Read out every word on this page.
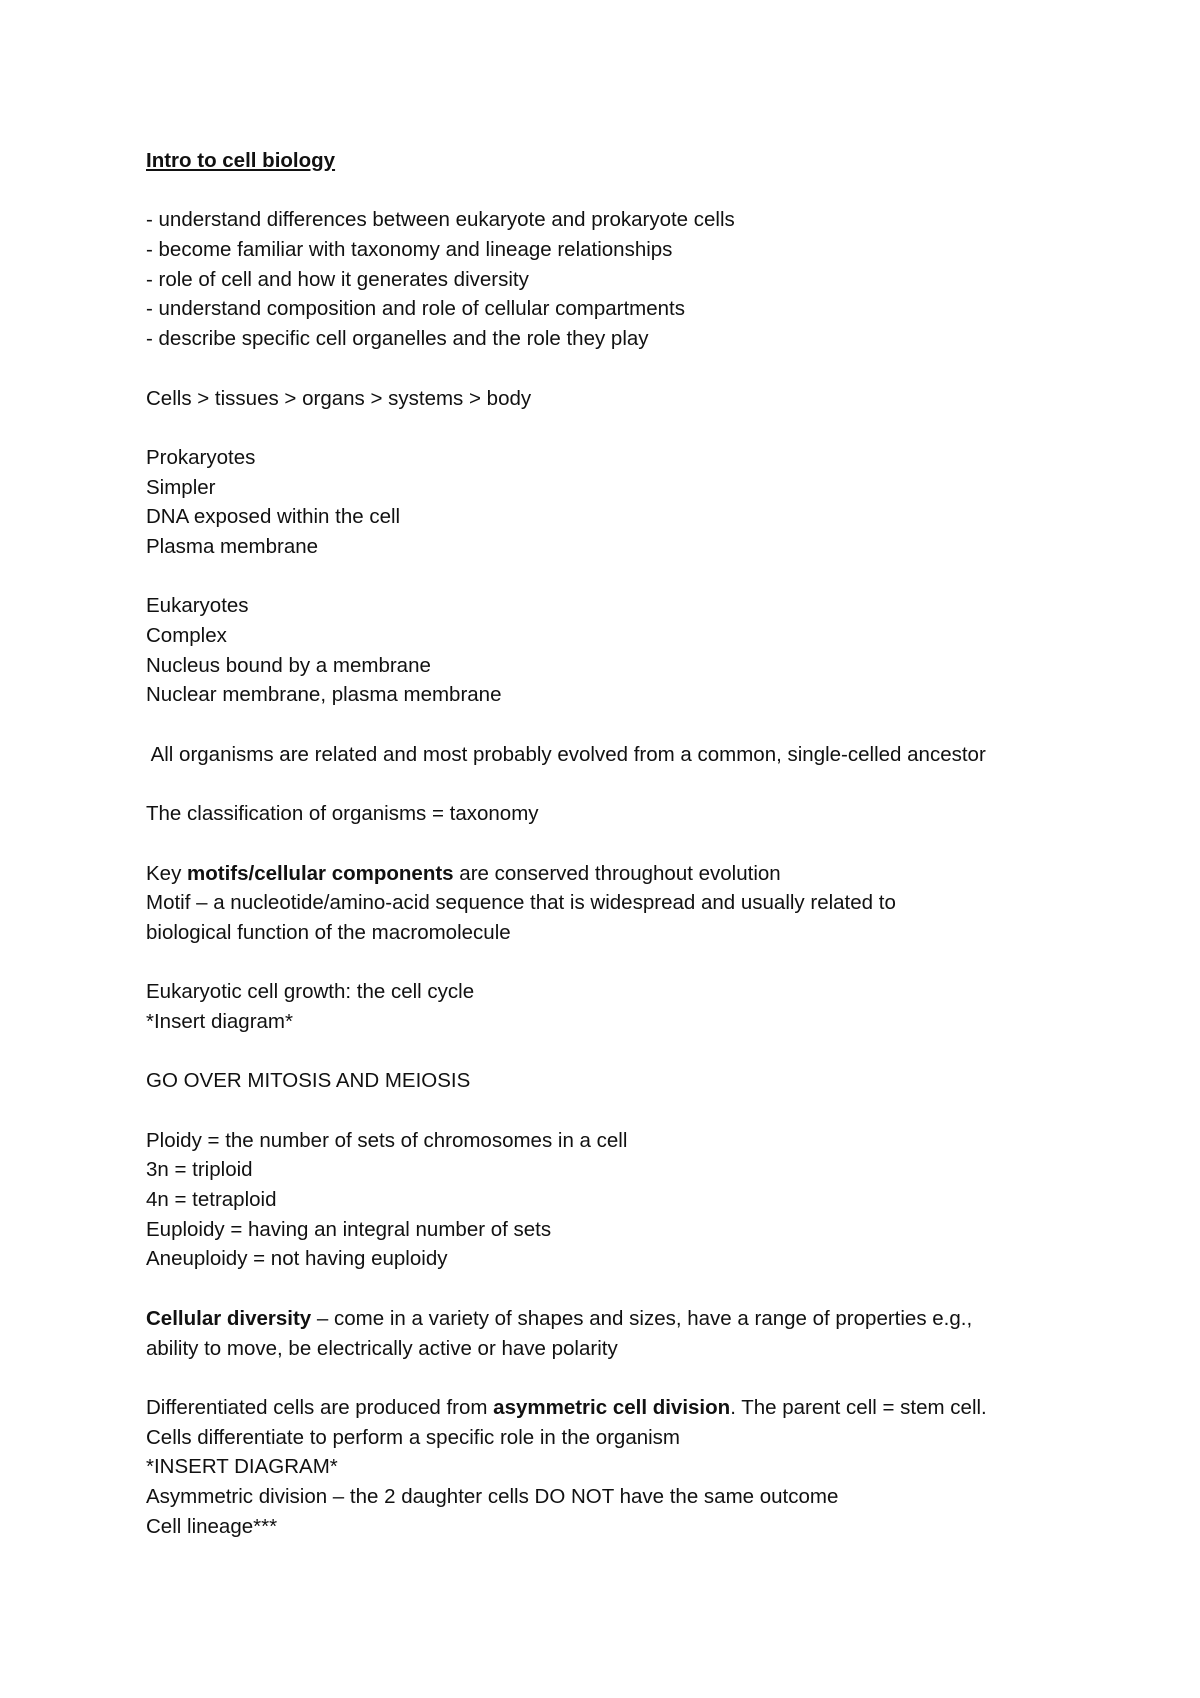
Intro to cell biology
- understand differences between eukaryote and prokaryote cells
- become familiar with taxonomy and lineage relationships
- role of cell and how it generates diversity
- understand composition and role of cellular compartments
- describe specific cell organelles and the role they play
Cells > tissues > organs > systems > body
Prokaryotes
Simpler
DNA exposed within the cell
Plasma membrane
Eukaryotes
Complex
Nucleus bound by a membrane
Nuclear membrane, plasma membrane
All organisms are related and most probably evolved from a common, single-celled ancestor
The classification of organisms = taxonomy
Key motifs/cellular components are conserved throughout evolution
Motif – a nucleotide/amino-acid sequence that is widespread and usually related to
biological function of the macromolecule
Eukaryotic cell growth: the cell cycle
*Insert diagram*
GO OVER MITOSIS AND MEIOSIS
Ploidy = the number of sets of chromosomes in a cell
3n = triploid
4n = tetraploid
Euploidy = having an integral number of sets
Aneuploidy = not having euploidy
Cellular diversity – come in a variety of shapes and sizes, have a range of properties e.g.,
ability to move, be electrically active or have polarity
Differentiated cells are produced from asymmetric cell division. The parent cell = stem cell.
Cells differentiate to perform a specific role in the organism
*INSERT DIAGRAM*
Asymmetric division – the 2 daughter cells DO NOT have the same outcome
Cell lineage***
